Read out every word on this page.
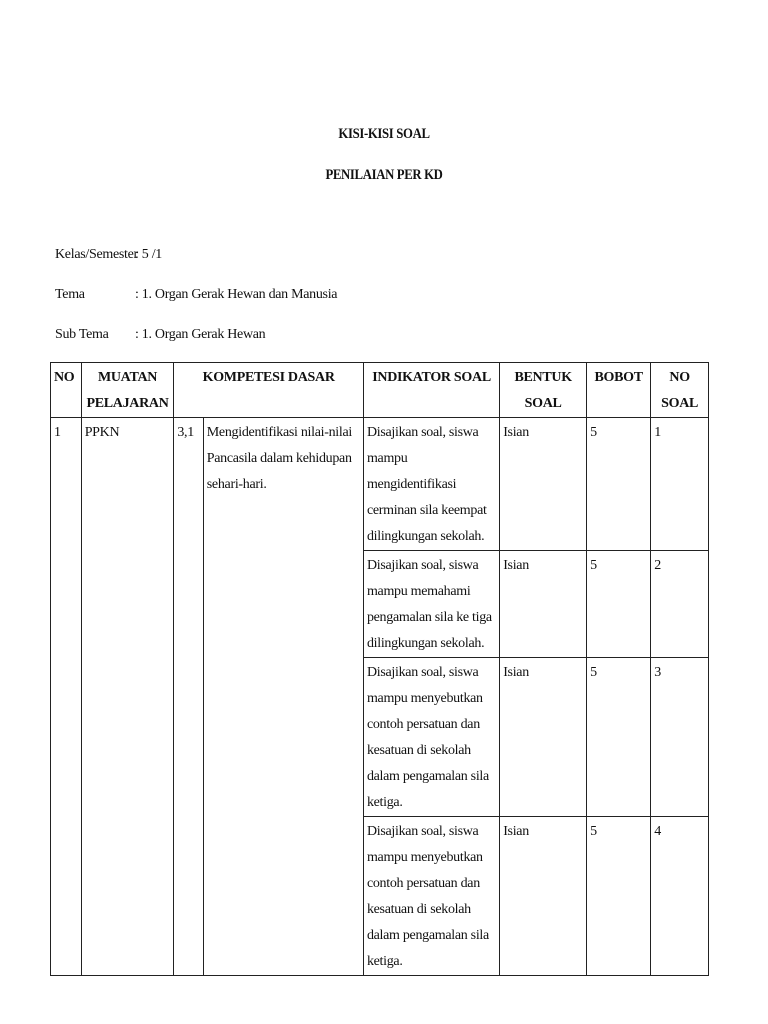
KISI-KISI SOAL
PENILAIAN PER KD
Kelas/Semester: 5 /1
Tema	: 1. Organ Gerak Hewan dan Manusia
Sub Tema : 1. Organ Gerak Hewan
NO	MUATAN PELAJARAN	KOMPETESI DASAR		INDIKATOR SOAL	BENTUK SOAL	BOBOT	NO SOAL
1	PPKN	3,1	Mengidentifikasi nilai-nilai Pancasila dalam kehidupan sehari-hari.	Disajikan soal, siswa mampu mengidentifikasi cerminan sila keempat dilingkungan sekolah.	Isian	5	1
				Disajikan soal, siswa mampu memahami pengamalan sila ke tiga dilingkungan sekolah.	Isian	5	2
				Disajikan soal, siswa mampu menyebutkan contoh persatuan dan kesatuan di sekolah dalam pengamalan sila ketiga.	Isian	5	3
				Disajikan soal, siswa mampu menyebutkan contoh persatuan dan kesatuan di sekolah dalam pengamalan sila ketiga.	Isian	5	4
